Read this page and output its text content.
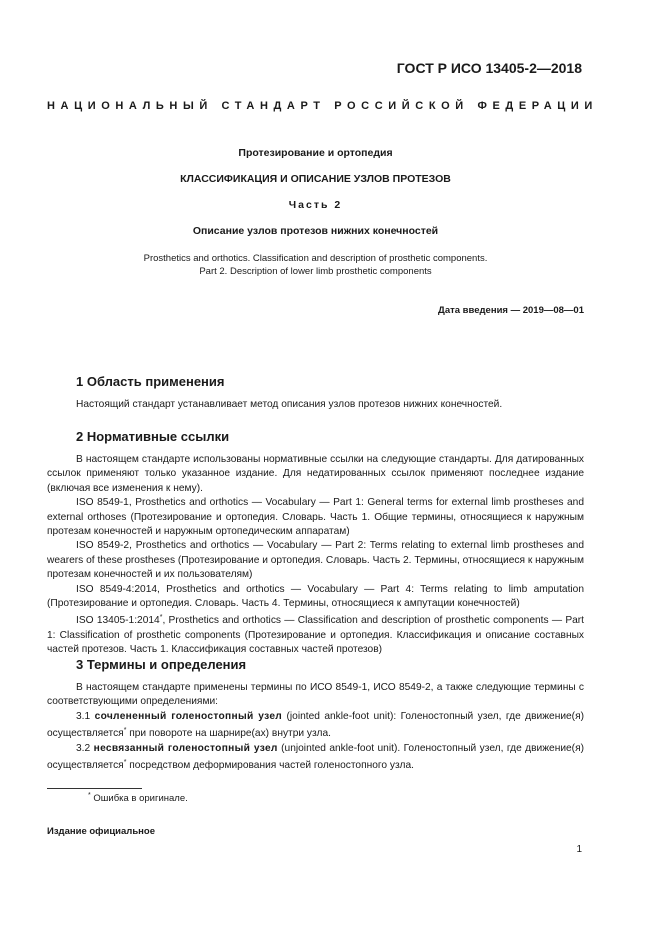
ГОСТ Р ИСО 13405-2—2018
НАЦИОНАЛЬНЫЙ СТАНДАРТ РОССИЙСКОЙ ФЕДЕРАЦИИ
Протезирование и ортопедия
КЛАССИФИКАЦИЯ И ОПИСАНИЕ УЗЛОВ ПРОТЕЗОВ
Часть 2
Описание узлов протезов нижних конечностей
Prosthetics and orthotics. Classification and description of prosthetic components.
Part 2. Description of lower limb prosthetic components
Дата введения — 2019—08—01
1 Область применения

Настоящий стандарт устанавливает метод описания узлов протезов нижних конечностей.

2 Нормативные ссылки

В настоящем стандарте использованы нормативные ссылки на следующие стандарты. Для датированных ссылок применяют только указанное издание. Для недатированных ссылок применяют последнее издание (включая все изменения к нему).

ISO 8549-1, Prosthetics and orthotics — Vocabulary — Part 1: General terms for external limb prostheses and external orthoses (Протезирование и ортопедия. Словарь. Часть 1. Общие термины, относящиеся к наружным протезам конечностей и наружным ортопедическим аппаратам)

ISO 8549-2, Prosthetics and orthotics — Vocabulary — Part 2: Terms relating to external limb prostheses and wearers of these prostheses (Протезирование и ортопедия. Словарь. Часть 2. Термины, относящиеся к наружным протезам конечностей и их пользователям)

ISO 8549-4:2014, Prosthetics and orthotics — Vocabulary — Part 4: Terms relating to limb amputation (Протезирование и ортопедия. Словарь. Часть 4. Термины, относящиеся к ампутации конечностей)

ISO 13405-1:2014*, Prosthetics and orthotics — Classification and description of prosthetic components — Part 1: Classification of prosthetic components (Протезирование и ортопедия. Классификация и описание составных частей протезов. Часть 1. Классификация составных частей протезов)

3 Термины и определения

В настоящем стандарте применены термины по ИСО 8549-1, ИСО 8549-2, а также следующие термины с соответствующими определениями:

3.1 сочлененный голеностопный узел (jointed ankle-foot unit): Голеностопный узел, где движение(я) осуществляется* при повороте на шарнире(ах) внутри узла.

3.2 несвязанный голеностопный узел (unjointed ankle-foot unit). Голеностопный узел, где движение(я) осуществляется* посредством деформирования частей голеностопного узла.

* Ошибка в оригинале.
Издание официальное
1
